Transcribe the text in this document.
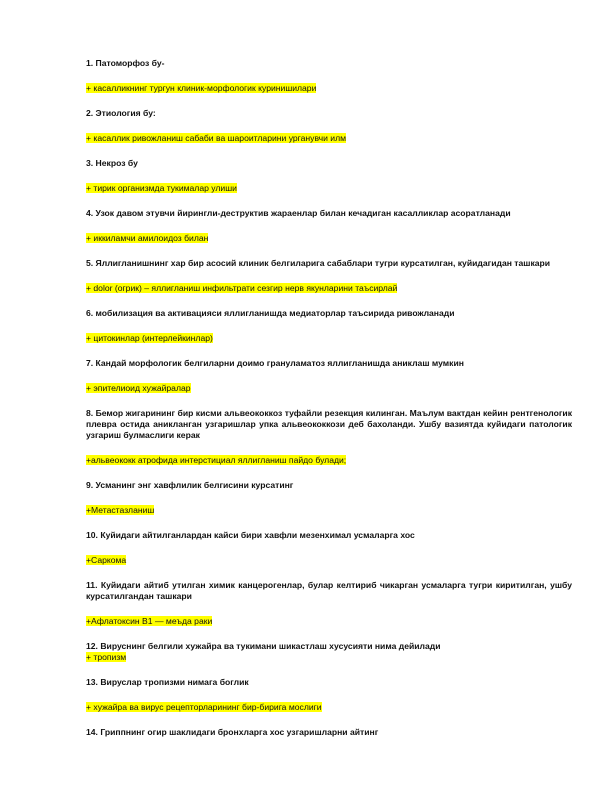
1. Патоморфоз бу-

+ касалликнинг тургун клиник-морфологик куринишилари

2. Этиология бу:

+ касаллик ривожланиш сабаби ва шароитларини урганувчи илм

3. Некроз бу

+ тирик организмда тукималар улиши

4. Узок давом этувчи йирингли-деструктив жараенлар билан кечадиган касалликлар асоратланади

+ иккиламчи амилоидоз билан

5. Яллигланишнинг хар бир асосий клиник белгиларига сабаблари тугри курсатилган, куйидагидан ташкари

+ dolor (огрик) – яллигланиш инфильтрати сезгир нерв якунларини таъсирлай

6. мобилизация ва активацияси яллигланишда медиаторлар таъсирида ривожланади

+ цитокинлар (интерлейкинлар)

7. Кандай морфологик белгиларни доимо грануламатоз яллигланишда аниклаш мумкин

+ эпителиоид хужайралар

8. Бемор жигарининг бир кисми альвеококкоз туфайли резекция килинган. Маълум вактдан кейин рентгенологик плевра остида аникланган узгаришлар упка альвеококкози деб бахоланди. Ушбу вазиятда куйидаги патологик узгариш булмаслиги керак

+альвеококк атрофида интерстициал яллигланиш пайдо булади;

9. Усманинг энг хавфлилик белгисини курсатинг

+Метастазланиш

10. Куйидаги айтилганлардан кайси бири хавфли мезенхимал усмаларга хос

+Саркома

11. Куйидаги айтиб утилган химик канцерогенлар, булар келтириб чикарган усмаларга тугри киритилган, ушбу курсатилгандан ташкари

+Афлатоксин В1 — меъда раки

12. Вируснинг белгили хужайра ва тукимани шикастлаш хусусияти нима дейилади

+ тропизм

13. Вируслар тропизми нимага боглик

+ хужайра ва вирус рецепторларининг бир-бирига мослиги

14. Гриппнинг огир шаклидаги бронхларга хос узгаришларни айтинг
